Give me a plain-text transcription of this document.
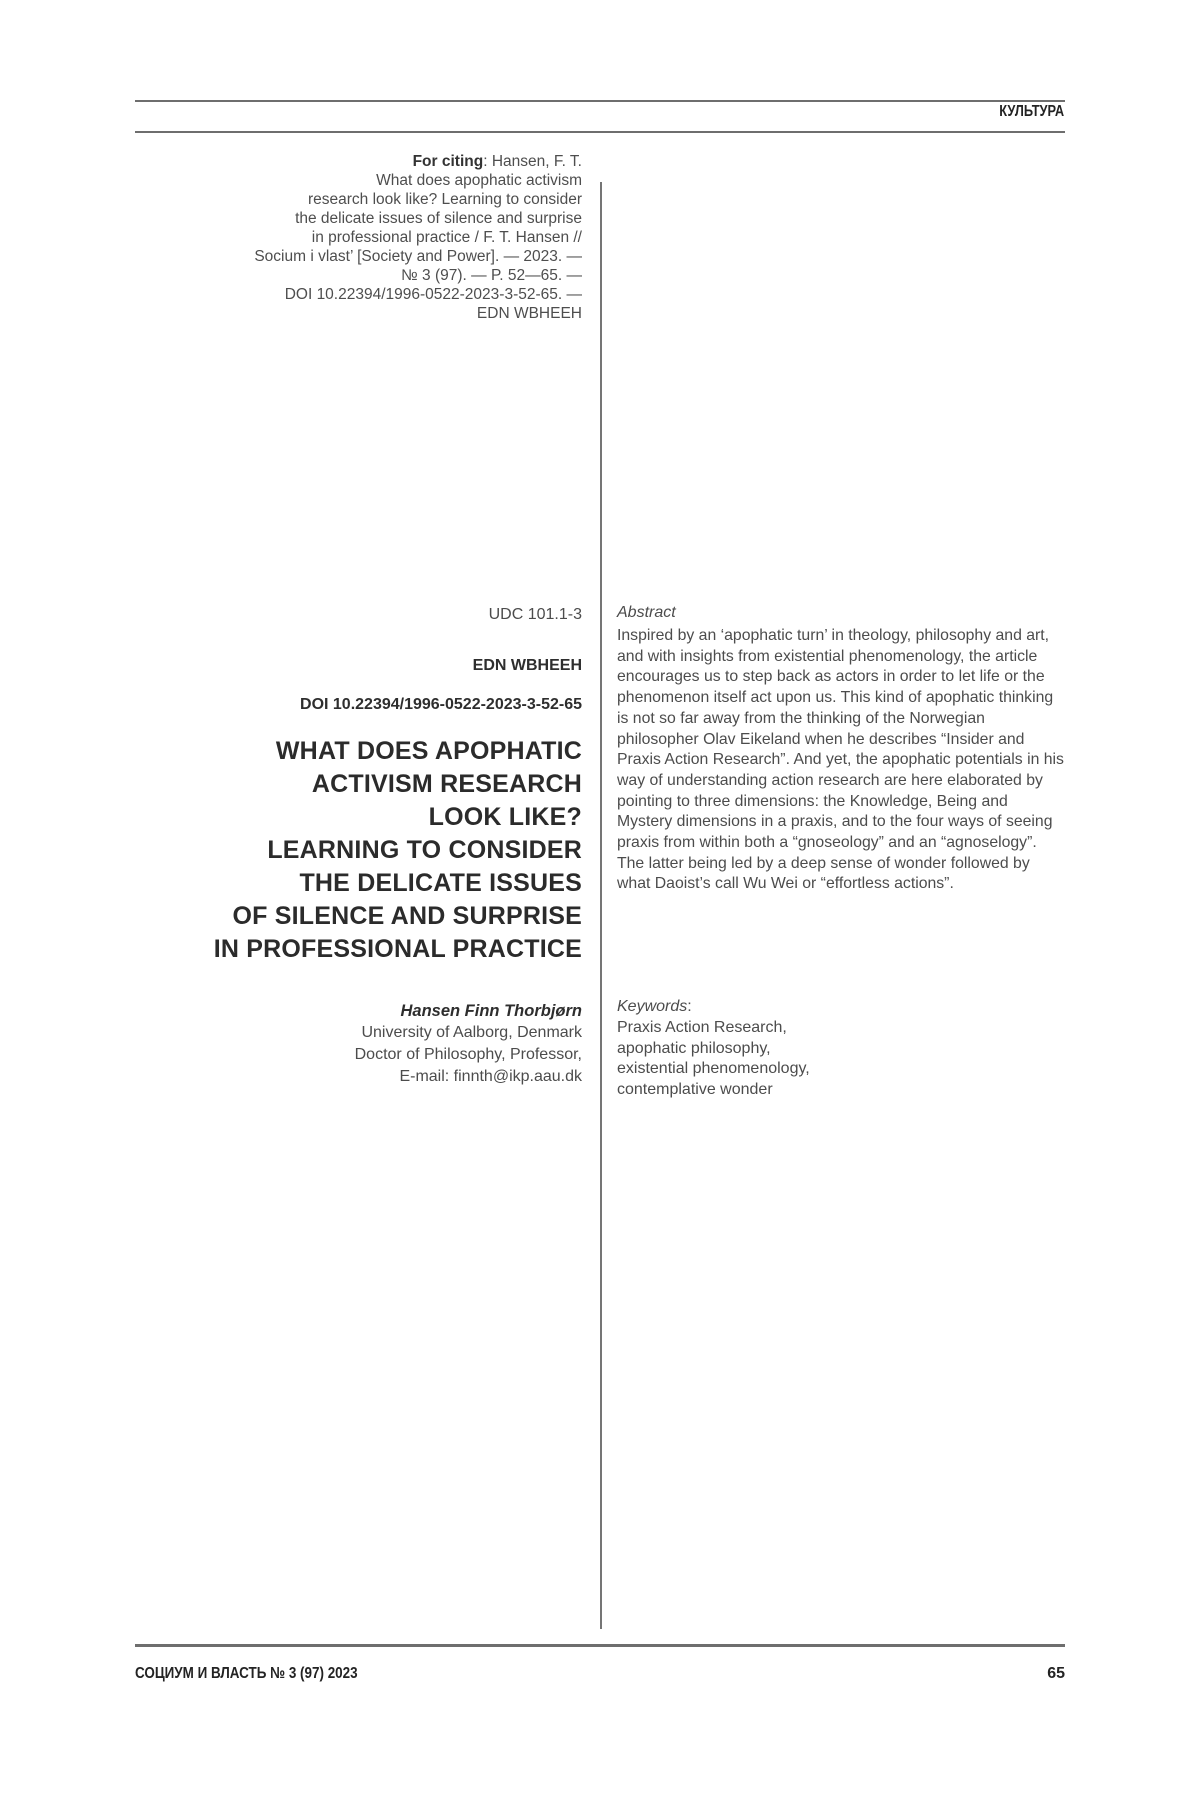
КУЛЬТУРА
For citing: Hansen, F. T.
What does apophatic activism
research look like? Learning to consider
the delicate issues of silence and surprise
in professional practice / F. T. Hansen //
Socium i vlast’ [Society and Power]. — 2023. —
№ 3 (97). — P. 52—65. —
DOI 10.22394/1996-0522-2023-3-52-65. —
EDN WBHEEH
UDC 101.1-3
EDN WBHEEH
DOI 10.22394/1996-0522-2023-3-52-65
WHAT DOES APOPHATIC
ACTIVISM RESEARCH
LOOK LIKE?
LEARNING TO CONSIDER
THE DELICATE ISSUES
OF SILENCE AND SURPRISE
IN PROFESSIONAL PRACTICE
Hansen Finn Thorbjørn
University of Aalborg, Denmark
Doctor of Philosophy, Professor,
E-mail: finnth@ikp.aau.dk
Abstract
Inspired by an ‘apophatic turn’ in theology, philosophy and art, and with insights from existential phenomenology, the article encourages us to step back as actors in order to let life or the phenomenon itself act upon us. This kind of apophatic thinking is not so far away from the thinking of the Norwegian philosopher Olav Eikeland when he describes “Insider and Praxis Action Research”. And yet, the apophatic potentials in his way of understanding action research are here elaborated by pointing to three dimensions: the Knowledge, Being and Mystery dimensions in a praxis, and to the four ways of seeing praxis from within both a “gnoseology” and an “agnoselogy”. The latter being led by a deep sense of wonder followed by what Daoist’s call Wu Wei or “effortless actions”.
Keywords:
Praxis Action Research,
apophatic philosophy,
existential phenomenology,
contemplative wonder
СОЦИУМ И ВЛАСТЬ № 3 (97) 2023	65
